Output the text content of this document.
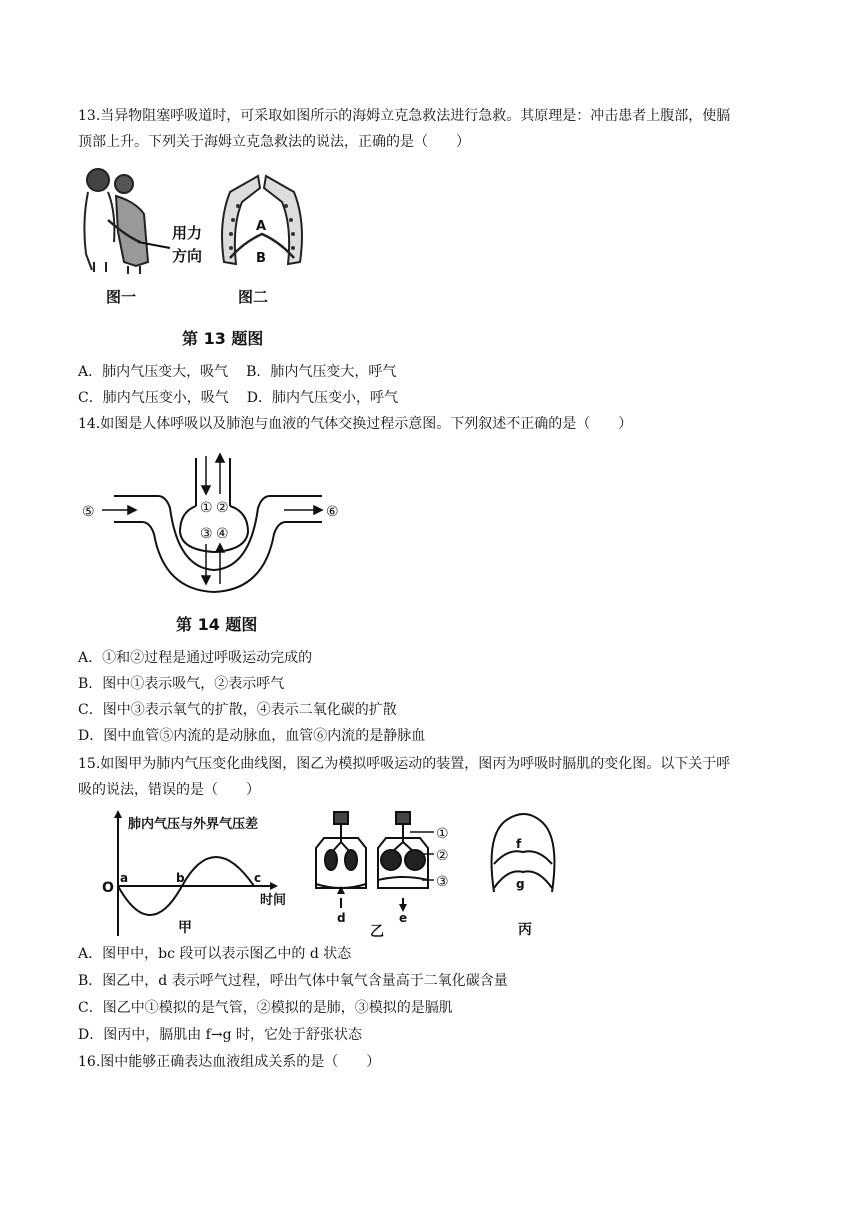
13.当异物阻塞呼吸道时，可采取如图所示的海姆立克急救法进行急救。其原理是：冲击患者上腹部，使膈
顶部上升。下列关于海姆立克急救法的说法，正确的是（　　）
用力
方向
图一
A
B
图二
第 13 题图
A．肺内气压变大，吸气 B．肺内气压变大，呼气
C．肺内气压变小，吸气 D．肺内气压变小，呼气
14.如图是人体呼吸以及肺泡与血液的气体交换过程示意图。下列叙述不正确的是（　　）
① ②
③ ④
⑤	⑥
第 14 题图
A．①和②过程是通过呼吸运动完成的
B．图中①表示吸气，②表示呼气
C．图中③表示氧气的扩散，④表示二氧化碳的扩散
D．图中血管⑤内流的是动脉血，血管⑥内流的是静脉血
15.如图甲为肺内气压变化曲线图，图乙为模拟呼吸运动的装置，图丙为呼吸时膈肌的变化图。以下关于呼
吸的说法，错误的是（　　）
肺内气压与外界气压差
O
a	b	c
时间
甲
d	e
①
②
③
乙
f
g
丙
A．图甲中，bc 段可以表示图乙中的 d 状态
B．图乙中，d 表示呼气过程，呼出气体中氧气含量高于二氧化碳含量
C．图乙中①模拟的是气管，②模拟的是肺，③模拟的是膈肌
D．图丙中，膈肌由 f→g 时，它处于舒张状态
16.图中能够正确表达血液组成关系的是（　　）
